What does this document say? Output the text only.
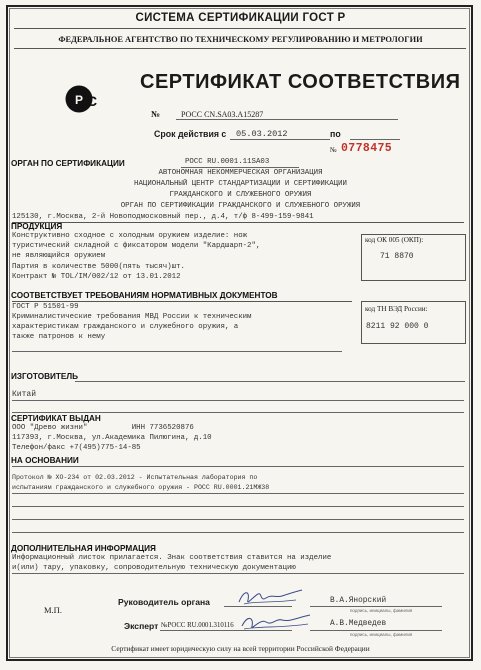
СИСТЕМА СЕРТИФИКАЦИИ ГОСТ Р
ФЕДЕРАЛЬНОЕ АГЕНТСТВО ПО ТЕХНИЧЕСКОМУ РЕГУЛИРОВАНИЮ И МЕТРОЛОГИИ
Р С
СЕРТИФИКАТ СООТВЕТСТВИЯ
№	РОСС CN.SA03.A15287
Срок действия с 05.03.2012	по
№ 0778475
ОРГАН ПО СЕРТИФИКАЦИИ	РОСС RU.0001.11SA03
АВТОНОМНАЯ НЕКОММЕРЧЕСКАЯ ОРГАНИЗАЦИЯ
НАЦИОНАЛЬНЫЙ ЦЕНТР СТАНДАРТИЗАЦИИ И СЕРТИФИКАЦИИ
ГРАЖДАНСКОГО И СЛУЖЕБНОГО ОРУЖИЯ
ОРГАН ПО СЕРТИФИКАЦИИ ГРАЖДАНСКОГО И СЛУЖЕБНОГО ОРУЖИЯ
125130, г.Москва, 2-й Новоподмосковный пер., д.4, т/ф 8-499-159-9841
ПРОДУКЦИЯ
Конструктивно сходное с холодным оружием изделие: нож
туристический складной с фиксатором модели "Кардшарп-2",
не являющийся оружием
Партия в количестве 5000(пять тысяч)шт.
Контракт № TOL/IM/002/12 от 13.01.2012
код ОК 005 (ОКП):
71 8870
СООТВЕТСТВУЕТ ТРЕБОВАНИЯМ НОРМАТИВНЫХ ДОКУМЕНТОВ
ГОСТ Р 51501-99
Криминалистические требования МВД России к техническим
характеристикам гражданского и служебного оружия, а
также патронов к нему
код ТН ВЭД России:
8211 92 000 0
ИЗГОТОВИТЕЛЬ
Китай
СЕРТИФИКАТ ВЫДАН
ООО "Древо жизни"          ИНН 7736520876
117393, г.Москва, ул.Академика Пилюгина, д.10
Телефон/факс +7(495)775-14-85
НА ОСНОВАНИИ
Протокол № ХО-234 от 02.03.2012 - Испытательная лаборатория по
испытаниям гражданского и служебного оружия - РОСС RU.0001.21МЖ38
ДОПОЛНИТЕЛЬНАЯ ИНФОРМАЦИЯ
Информационный листок прилагается. Знак соответствия ставится на изделие
и(или) тару, упаковку, сопроводительную техническую документацию
М.П.
Руководитель органа	В.А.Янорский
подпись, инициалы, фамилия
Эксперт №РОСС RU.0001.310116	А.В.Медведев
подпись, инициалы, фамилия
Сертификат имеет юридическую силу на всей территории Российской Федерации
